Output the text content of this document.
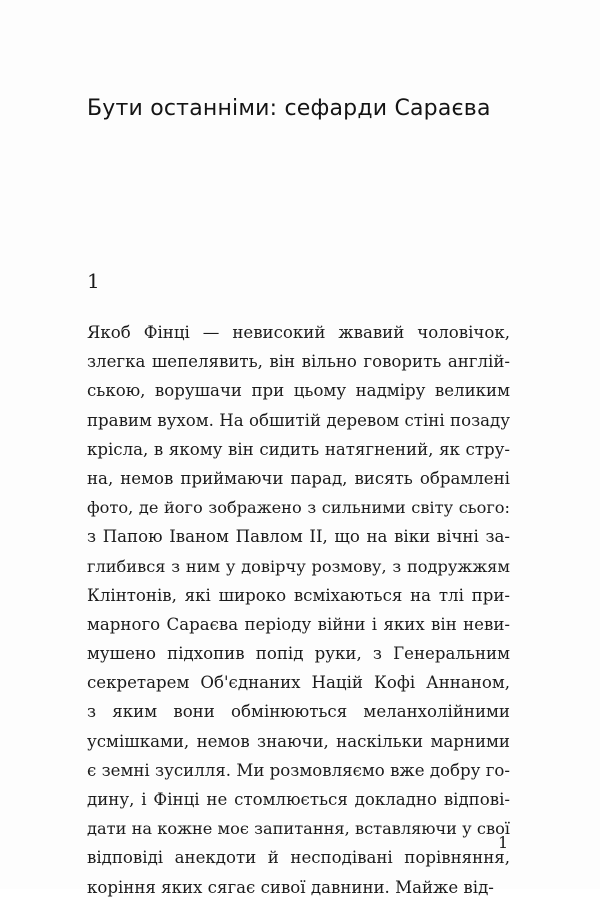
Бути останніми: сефарди Сараєва
1
Якоб Фінці — невисокий жвавий чоловічок,
злегка шепелявить, він вільно говорить англій-
ською, ворушачи при цьому надміру великим
правим вухом. На обшитій деревом стіні позаду
крісла, в якому він сидить натягнений, як стру-
на, немов приймаючи парад, висять обрамлені
фото, де його зображено з сильними світу сього:
з Папою Іваном Павлом II, що на віки вічні за-
глибився з ним у довірчу розмову, з подружжям
Клінтонів, які широко всміхаються на тлі при-
марного Сараєва періоду війни і яких він неви-
мушено підхопив попід руки, з Генеральним
секретарем Об'єднаних Націй Кофі Аннаном,
з яким вони обмінюються меланхолійними
усмішками, немов знаючи, наскільки марними
є земні зусилля. Ми розмовляємо вже добру го-
дину, і Фінці не стомлюється докладно відпові-
дати на кожне моє запитання, вставляючи у свої
відповіді анекдоти й несподівані порівняння,
коріння яких сягає сивої давнини. Майже від-
1
